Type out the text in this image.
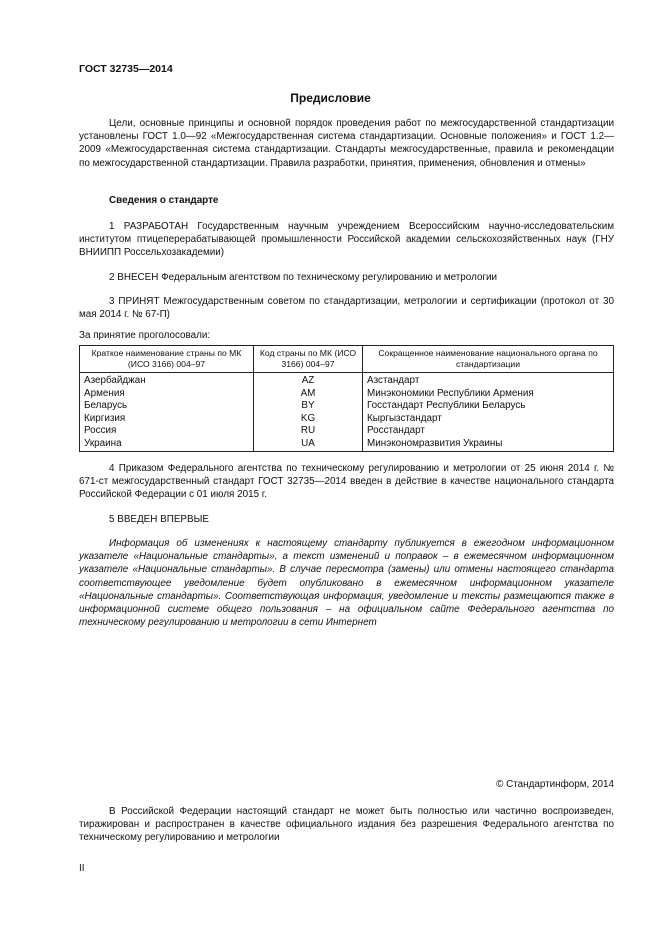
ГОСТ 32735—2014
Предисловие
Цели, основные принципы и основной порядок проведения работ по межгосударственной стандартизации установлены ГОСТ 1.0—92 «Межгосударственная система стандартизации. Основные положения» и ГОСТ 1.2—2009 «Межгосударственная система стандартизации. Стандарты межгосударственные, правила и рекомендации по межгосударственной стандартизации. Правила разработки, принятия, применения, обновления и отмены»
Сведения о стандарте
1 РАЗРАБОТАН Государственным научным учреждением Всероссийским научно-исследовательским институтом птицеперерабатывающей промышленности Российской академии сельскохозяйственных наук (ГНУ ВНИИПП Россельхозакадемии)
2 ВНЕСЕН Федеральным агентством по техническому регулированию и метрологии
3 ПРИНЯТ Межгосударственным советом по стандартизации, метрологии и сертификации (протокол от 30 мая 2014 г. № 67-П)
За принятие проголосовали:
Краткое наименование страны по МК (ИСО 3166) 004–97	Код страны по МК (ИСО 3166) 004–97	Сокращенное наименование национального органа по стандартизации
Азербайджан	AZ	Азстандарт
Армения	AM	Минэкономики Республики Армения
Беларусь	BY	Госстандарт Республики Беларусь
Киргизия	KG	Кыргызстандарт
Россия	RU	Росстандарт
Украина	UA	Минэкономразвития Украины
4 Приказом Федерального агентства по техническому регулированию и метрологии от 25 июня 2014 г. № 671-ст межгосударственный стандарт ГОСТ 32735—2014 введен в действие в качестве национального стандарта Российской Федерации с 01 июля 2015 г.
5 ВВЕДЕН ВПЕРВЫЕ
Информация об изменениях к настоящему стандарту публикуется в ежегодном информационном указателе «Национальные стандарты», а текст изменений и поправок – в ежемесячном информационном указателе «Национальные стандарты». В случае пересмотра (замены) или отмены настоящего стандарта соответствующее уведомление будет опубликовано в ежемесячном информационном указателе «Национальные стандарты». Соответствующая информация, уведомление и тексты размещаются также в информационной системе общего пользования – на официальном сайте Федерального агентства по техническому регулированию и метрологии в сети Интернет
© Стандартинформ, 2014
В Российской Федерации настоящий стандарт не может быть полностью или частично воспроизведен, тиражирован и распространен в качестве официального издания без разрешения Федерального агентства по техническому регулированию и метрологии
II
